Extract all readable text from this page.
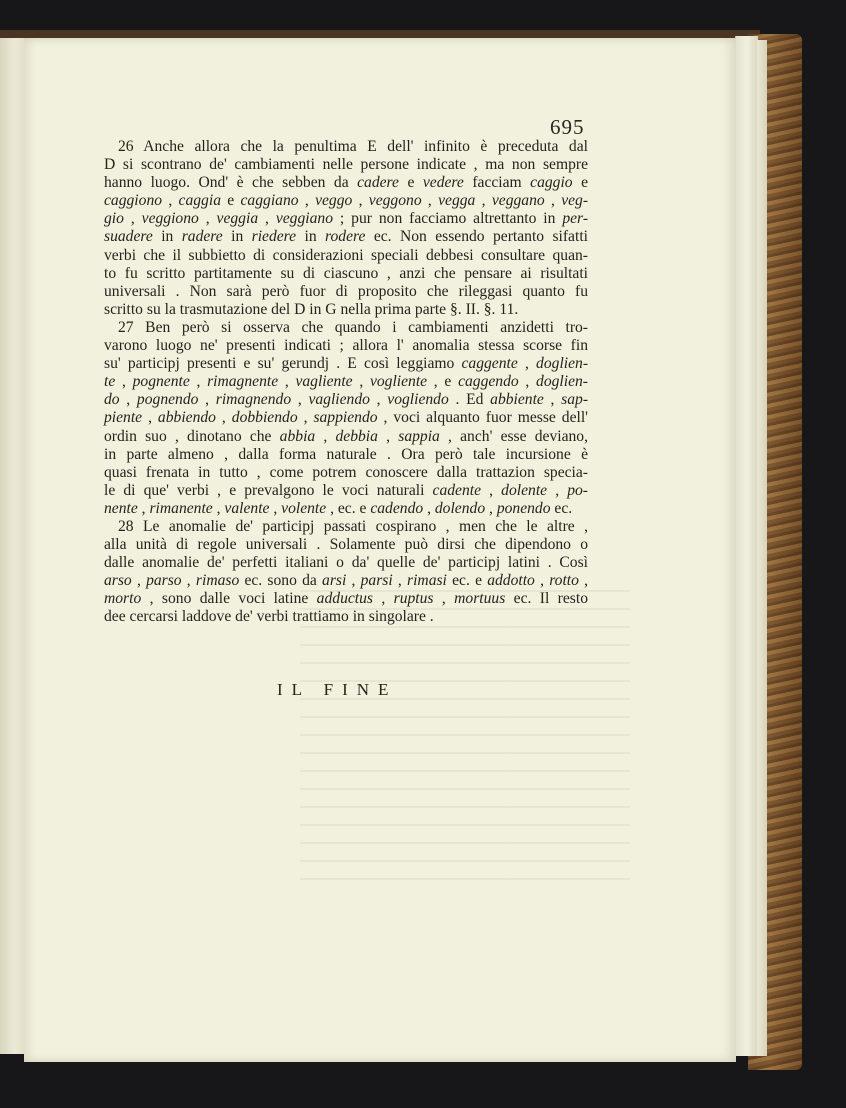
695
26 Anche allora che la penultima E dell' infinito è preceduta dal
D si scontrano de' cambiamenti nelle persone indicate , ma non sempre
hanno luogo. Ond' è che sebben da cadere e vedere facciam caggio e
caggiono , caggia e caggiano , veggo , veggono , vegga , veggano , veg-
gio , veggiono , veggia , veggiano ; pur non facciamo altrettanto in per-
suadere in radere in riedere in rodere ec. Non essendo pertanto sifatti
verbi che il subbietto di considerazioni speciali debbesi consultare quan-
to fu scritto partitamente su di ciascuno , anzi che pensare ai risultati
universali . Non sarà però fuor di proposito che rileggasi quanto fu
scritto su la trasmutazione del D in G nella prima parte §. II. §. 11.
27 Ben però si osserva che quando i cambiamenti anzidetti tro-
varono luogo ne' presenti indicati ; allora l' anomalia stessa scorse fin
su' participj presenti e su' gerundj . E così leggiamo caggente , doglien-
te , pognente , rimagnente , vagliente , vogliente , e caggendo , doglien-
do , pognendo , rimagnendo , vagliendo , vogliendo . Ed abbiente , sap-
piente , abbiendo , dobbiendo , sappiendo , voci alquanto fuor messe dell'
ordin suo , dinotano che abbia , debbia , sappia , anch' esse deviano,
in parte almeno , dalla forma naturale . Ora però tale incursione è
quasi frenata in tutto , come potrem conoscere dalla trattazion specia-
le di que' verbi , e prevalgono le voci naturali cadente , dolente , po-
nente , rimanente , valente , volente , ec. e cadendo , dolendo , ponendo ec.
28 Le anomalie de' participj passati cospirano , men che le altre ,
alla unità di regole universali . Solamente può dirsi che dipendono o
dalle anomalie de' perfetti italiani o da' quelle de' participj latini . Così
arso , parso , rimaso ec. sono da arsi , parsi , rimasi ec. e addotto , rotto ,
morto , sono dalle voci latine adductus , ruptus , mortuus ec. Il resto
dee cercarsi laddove de' verbi trattiamo in singolare .
IL FINE
